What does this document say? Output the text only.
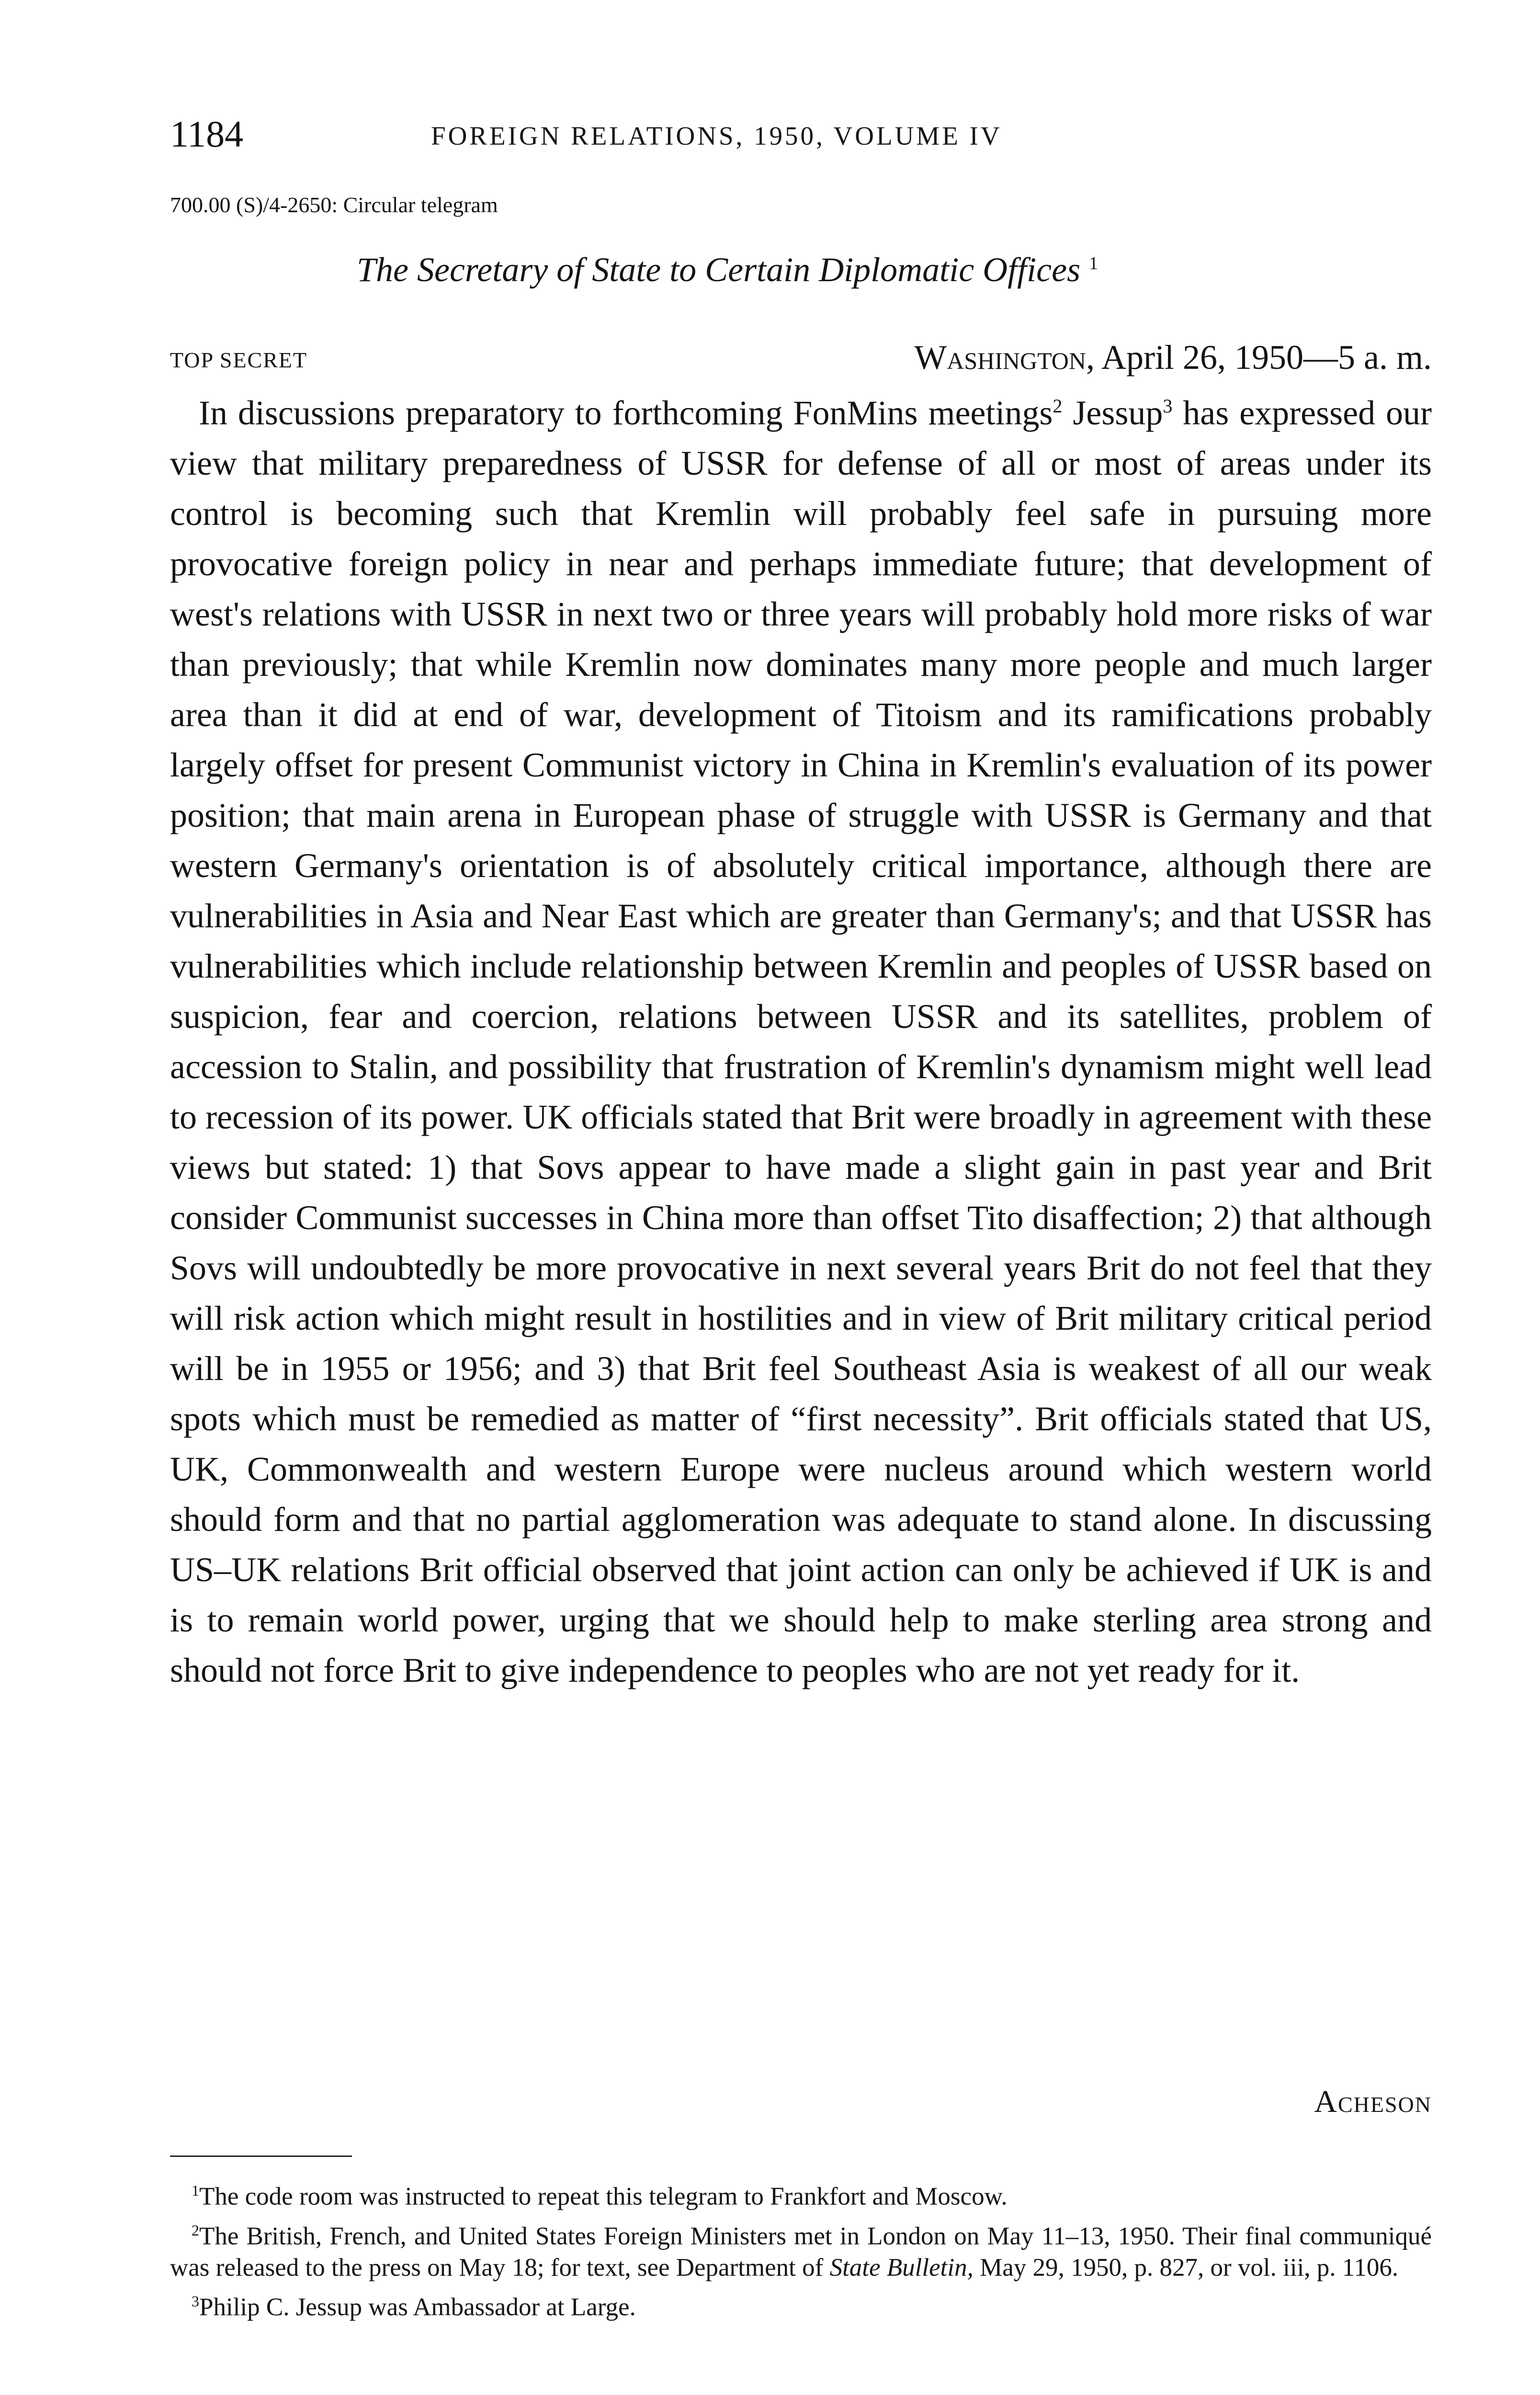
1184	FOREIGN RELATIONS, 1950, VOLUME IV
700.00 (S)/4-2650: Circular telegram
The Secretary of State to Certain Diplomatic Offices $^1$
TOP SECRET	Washington, April 26, 1950—5 a. m.

In discussions preparatory to forthcoming FonMins meetings$^2$ Jessup$^3$ has expressed our view that military preparedness of USSR for defense of all or most of areas under its control is becoming such that Kremlin will probably feel safe in pursuing more provocative foreign policy in near and perhaps immediate future; that development of west's relations with USSR in next two or three years will probably hold more risks of war than previously; that while Kremlin now dominates many more people and much larger area than it did at end of war, development of Titoism and its ramifications probably largely offset for present Communist victory in China in Kremlin's evaluation of its power position; that main arena in European phase of struggle with USSR is Germany and that western Germany's orientation is of absolutely critical importance, although there are vulnerabilities in Asia and Near East which are greater than Germany's; and that USSR has vulnerabilities which include relationship between Kremlin and peoples of USSR based on suspicion, fear and coercion, relations between USSR and its satellites, problem of accession to Stalin, and possibility that frustration of Kremlin's dynamism might well lead to recession of its power. UK officials stated that Brit were broadly in agreement with these views but stated: 1) that Sovs appear to have made a slight gain in past year and Brit consider Communist successes in China more than offset Tito disaffection; 2) that although Sovs will undoubtedly be more provocative in next several years Brit do not feel that they will risk action which might result in hostilities and in view of Brit military critical period will be in 1955 or 1956; and 3) that Brit feel Southeast Asia is weakest of all our weak spots which must be remedied as matter of “first necessity”. Brit officials stated that US, UK, Commonwealth and western Europe were nucleus around which western world should form and that no partial agglomeration was adequate to stand alone. In discussing US–UK relations Brit official observed that joint action can only be achieved if UK is and is to remain world power, urging that we should help to make sterling area strong and should not force Brit to give independence to peoples who are not yet ready for it.

Acheson

$^1$The code room was instructed to repeat this telegram to Frankfort and Moscow.

$^2$The British, French, and United States Foreign Ministers met in London on May 11–13, 1950. Their final communiqué was released to the press on May 18; for text, see Department of State Bulletin, May 29, 1950, p. 827, or vol. iii, p. 1106.

$^3$Philip C. Jessup was Ambassador at Large.
